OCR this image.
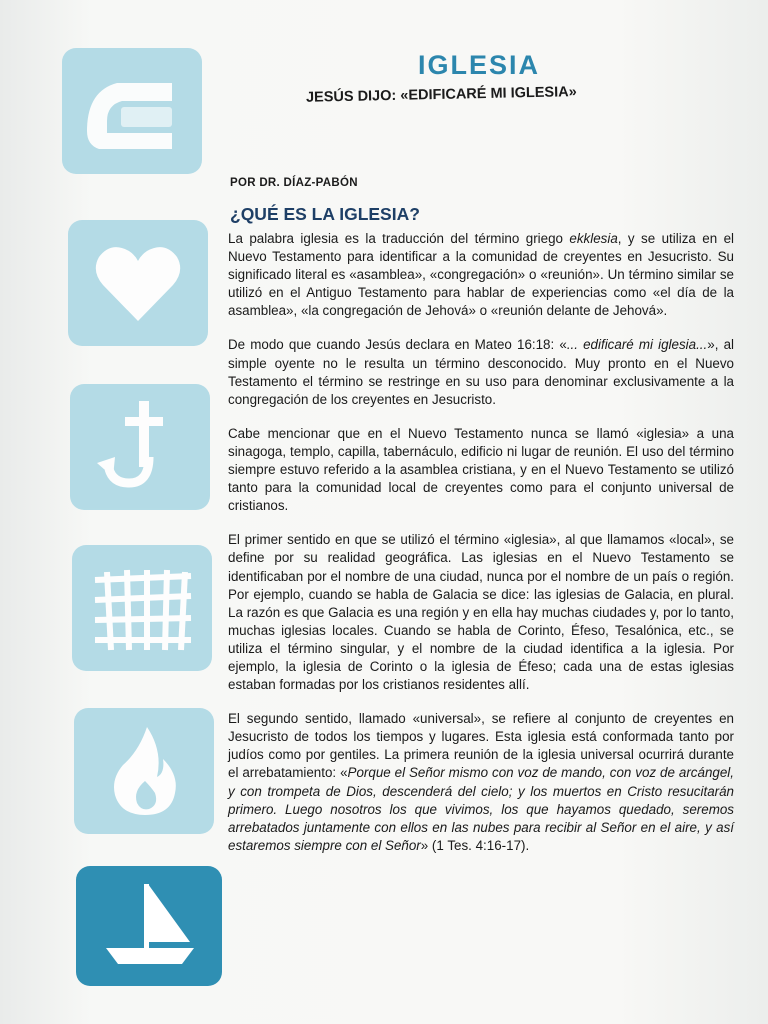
IGLESIA
JESÚS DIJO: «EDIFICARÉ MI IGLESIA»
POR DR. DÍAZ-PABÓN
¿QUÉ ES LA IGLESIA?

La palabra iglesia es la traducción del término griego ekklesia, y se utiliza en el Nuevo Testamento para identificar a la comunidad de creyentes en Jesucristo. Su significado literal es «asamblea», «congregación» o «reunión». Un término similar se utilizó en el Antiguo Testamento para hablar de experiencias como «el día de la asamblea», «la congregación de Jehová» o «reunión delante de Jehová».

De modo que cuando Jesús declara en Mateo 16:18: «... edificaré mi iglesia...», al simple oyente no le resulta un término desconocido. Muy pronto en el Nuevo Testamento el término se restringe en su uso para denominar exclusivamente a la congregación de los creyentes en Jesucristo.

Cabe mencionar que en el Nuevo Testamento nunca se llamó «iglesia» a una sinagoga, templo, capilla, tabernáculo, edificio ni lugar de reunión. El uso del término siempre estuvo referido a la asamblea cristiana, y en el Nuevo Testamento se utilizó tanto para la comunidad local de creyentes como para el conjunto universal de cristianos.

El primer sentido en que se utilizó el término «iglesia», al que llamamos «local», se define por su realidad geográfica. Las iglesias en el Nuevo Testamento se identificaban por el nombre de una ciudad, nunca por el nombre de un país o región. Por ejemplo, cuando se habla de Galacia se dice: las iglesias de Galacia, en plural. La razón es que Galacia es una región y en ella hay muchas ciudades y, por lo tanto, muchas iglesias locales. Cuando se habla de Corinto, Éfeso, Tesalónica, etc., se utiliza el término singular, y el nombre de la ciudad identifica a la iglesia. Por ejemplo, la iglesia de Corinto o la iglesia de Éfeso; cada una de estas iglesias estaban formadas por los cristianos residentes allí.

El segundo sentido, llamado «universal», se refiere al conjunto de creyentes en Jesucristo de todos los tiempos y lugares. Esta iglesia está conformada tanto por judíos como por gentiles. La primera reunión de la iglesia universal ocurrirá durante el arrebatamiento: «Porque el Señor mismo con voz de mando, con voz de arcángel, y con trompeta de Dios, descenderá del cielo; y los muertos en Cristo resucitarán primero. Luego nosotros los que vivimos, los que hayamos quedado, seremos arrebatados juntamente con ellos en las nubes para recibir al Señor en el aire, y así estaremos siempre con el Señor» (1 Tes. 4:16-17).
